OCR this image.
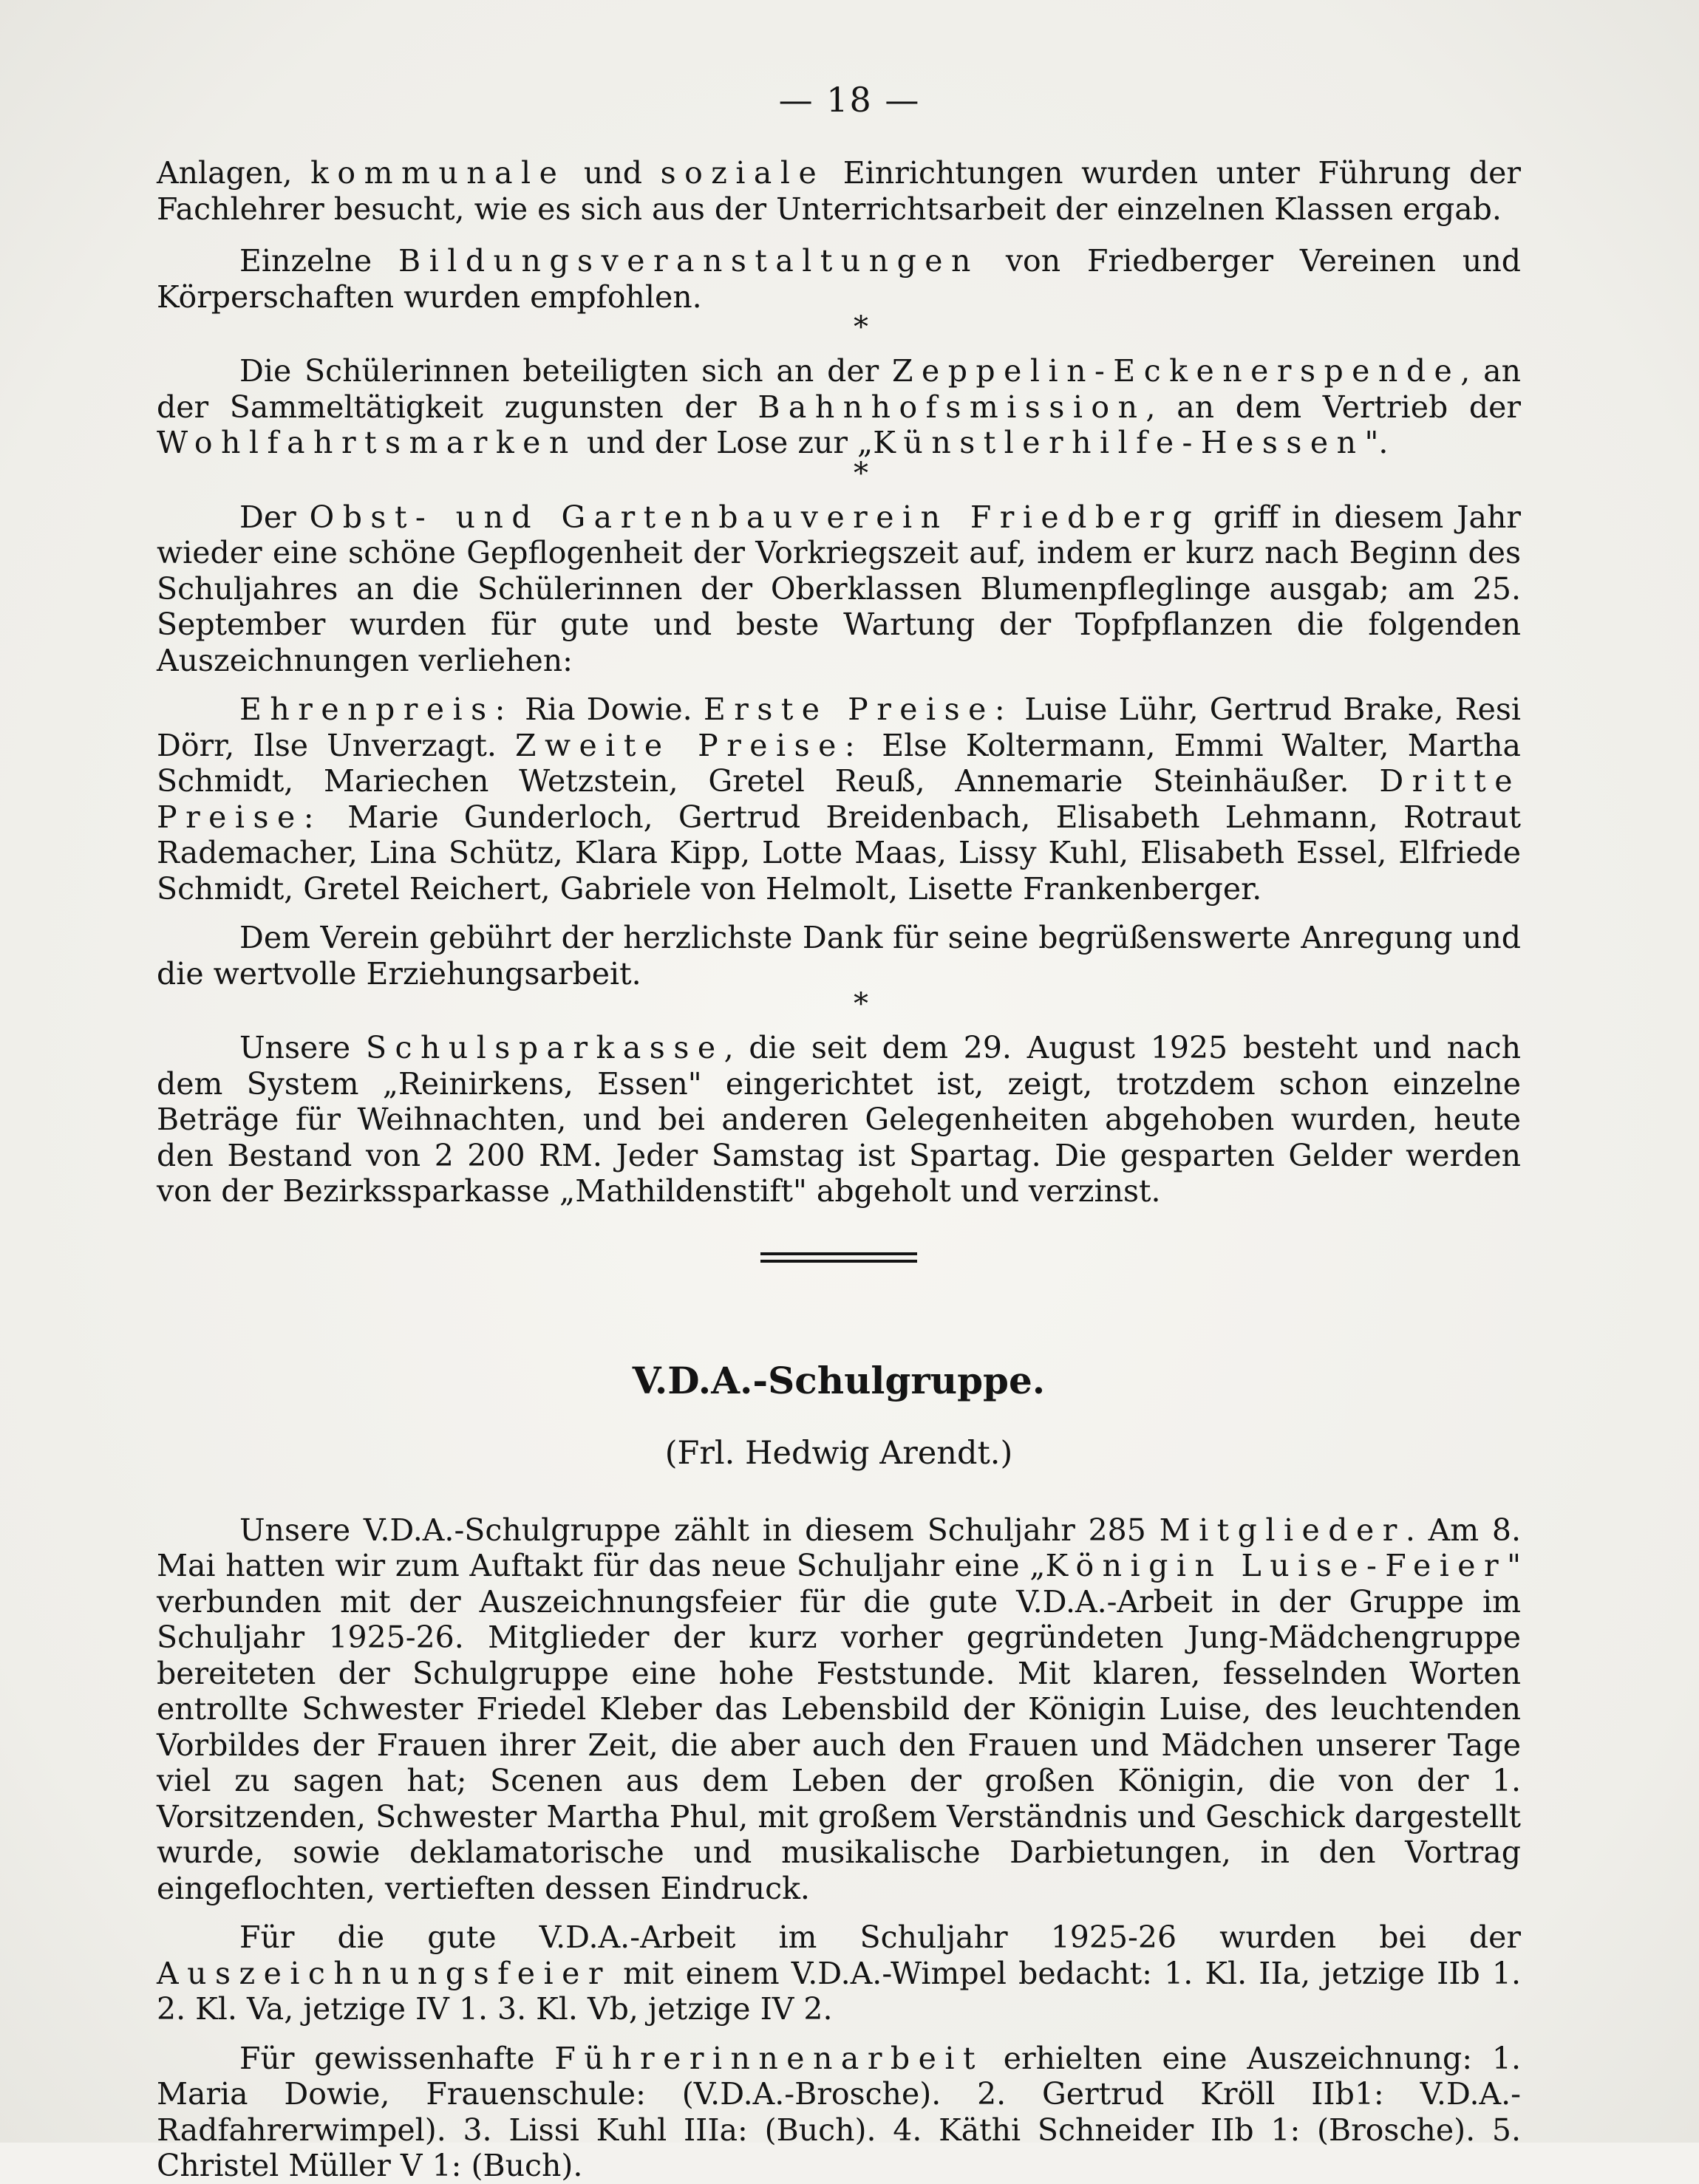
— 18 —

Anlagen, kommunale und soziale Einrichtungen wurden unter Führung der Fachlehrer besucht, wie es sich aus der Unterrichtsarbeit der einzelnen Klassen ergab.

Einzelne Bildungsveranstaltungen von Friedberger Vereinen und Körperschaften wurden empfohlen.

*

Die Schülerinnen beteiligten sich an der Zeppelin-Eckenerspende, an der Sammeltätigkeit zugunsten der Bahnhofsmission, an dem Vertrieb der Wohlfahrtsmarken und der Lose zur „Künstlerhilfe-Hessen".

*

Der Obst- und Gartenbauverein Friedberg griff in diesem Jahr wieder eine schöne Gepflogenheit der Vorkriegszeit auf, indem er kurz nach Beginn des Schuljahres an die Schülerinnen der Oberklassen Blumenpfleglinge ausgab; am 25. September wurden für gute und beste Wartung der Topfpflanzen die folgenden Auszeichnungen verliehen:

Ehrenpreis: Ria Dowie. Erste Preise: Luise Lühr, Gertrud Brake, Resi Dörr, Ilse Unverzagt. Zweite Preise: Else Koltermann, Emmi Walter, Martha Schmidt, Mariechen Wetzstein, Gretel Reuß, Annemarie Steinhäußer. Dritte Preise: Marie Gunderloch, Gertrud Breidenbach, Elisabeth Lehmann, Rotraut Rademacher, Lina Schütz, Klara Kipp, Lotte Maas, Lissy Kuhl, Elisabeth Essel, Elfriede Schmidt, Gretel Reichert, Gabriele von Helmolt, Lisette Frankenberger.

Dem Verein gebührt der herzlichste Dank für seine begrüßenswerte Anregung und die wertvolle Erziehungsarbeit.

*

Unsere Schulsparkasse, die seit dem 29. August 1925 besteht und nach dem System „Reinirkens, Essen" eingerichtet ist, zeigt, trotzdem schon einzelne Beträge für Weihnachten, und bei anderen Gelegenheiten abgehoben wurden, heute den Bestand von 2 200 RM. Jeder Samstag ist Spartag. Die gesparten Gelder werden von der Bezirkssparkasse „Mathildenstift" abgeholt und verzinst.

V.D.A.-Schulgruppe.
(Frl. Hedwig Arendt.)

Unsere V.D.A.-Schulgruppe zählt in diesem Schuljahr 285 Mitglieder. Am 8. Mai hatten wir zum Auftakt für das neue Schuljahr eine „Königin Luise-Feier" verbunden mit der Auszeichnungsfeier für die gute V.D.A.-Arbeit in der Gruppe im Schuljahr 1925-26. Mitglieder der kurz vorher gegründeten Jung-Mädchengruppe bereiteten der Schulgruppe eine hohe Feststunde. Mit klaren, fesselnden Worten entrollte Schwester Friedel Kleber das Lebensbild der Königin Luise, des leuchtenden Vorbildes der Frauen ihrer Zeit, die aber auch den Frauen und Mädchen unserer Tage viel zu sagen hat; Scenen aus dem Leben der großen Königin, die von der 1. Vorsitzenden, Schwester Martha Phul, mit großem Verständnis und Geschick dargestellt wurde, sowie deklamatorische und musikalische Darbietungen, in den Vortrag eingeflochten, vertieften dessen Eindruck.

Für die gute V.D.A.-Arbeit im Schuljahr 1925-26 wurden bei der Auszeichnungsfeier mit einem V.D.A.-Wimpel bedacht: 1. Kl. IIa, jetzige IIb 1. 2. Kl. Va, jetzige IV 1. 3. Kl. Vb, jetzige IV 2.

Für gewissenhafte Führerinnenarbeit erhielten eine Auszeichnung: 1. Maria Dowie, Frauenschule: (V.D.A.-Brosche). 2. Gertrud Kröll IIb1: V.D.A.-Radfahrerwimpel). 3. Lissi Kuhl IIIa: (Buch). 4. Käthi Schneider IIb 1: (Brosche). 5. Christel Müller V 1: (Buch).
